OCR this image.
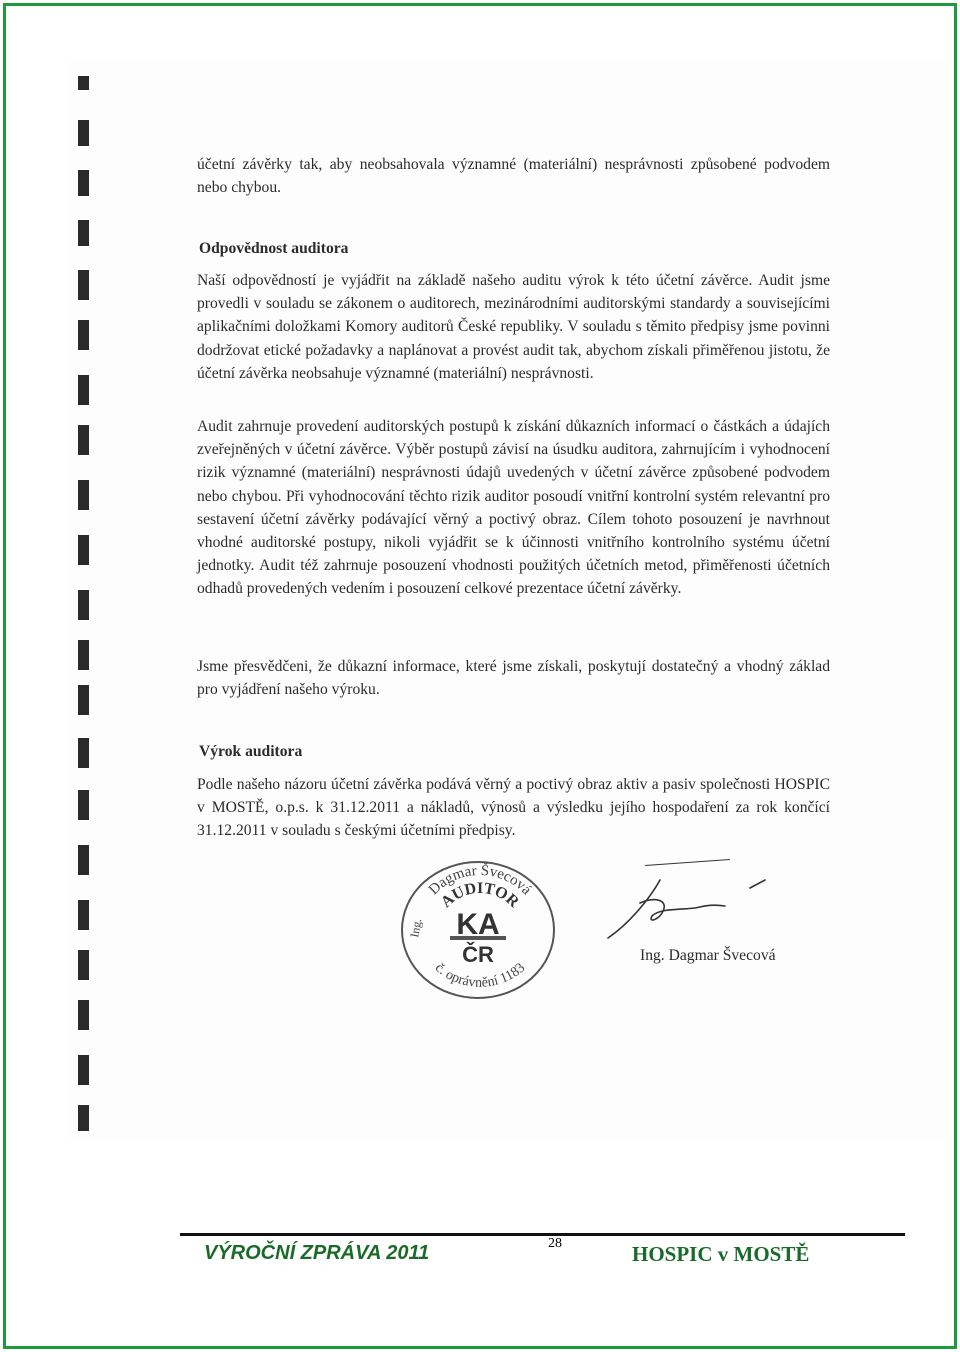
účetní závěrky tak, aby neobsahovala významné (materiální) nesprávnosti způsobené podvodem nebo chybou.

Odpovědnost auditora

Naší odpovědností je vyjádřit na základě našeho auditu výrok k této účetní závěrce. Audit jsme provedli v souladu se zákonem o auditorech, mezinárodními auditorskými standardy a souvisejícími aplikačními doložkami Komory auditorů České republiky. V souladu s těmito předpisy jsme povinni dodržovat etické požadavky a naplánovat a provést audit tak, abychom získali přiměřenou jistotu, že účetní závěrka neobsahuje významné (materiální) nesprávnosti.

Audit zahrnuje provedení auditorských postupů k získání důkazních informací o částkách a údajích zveřejněných v účetní závěrce. Výběr postupů závisí na úsudku auditora, zahrnujícím i vyhodnocení rizik významné (materiální) nesprávnosti údajů uvedených v účetní závěrce způsobené podvodem nebo chybou. Při vyhodnocování těchto rizik auditor posoudí vnitřní kontrolní systém relevantní pro sestavení účetní závěrky podávající věrný a poctivý obraz. Cílem tohoto posouzení je navrhnout vhodné auditorské postupy, nikoli vyjádřit se k účinnosti vnitřního kontrolního systému účetní jednotky. Audit též zahrnuje posouzení vhodnosti použitých účetních metod, přiměřenosti účetních odhadů provedených vedením i posouzení celkové prezentace účetní závěrky.

Jsme přesvědčeni, že důkazní informace, které jsme získali, poskytují dostatečný a vhodný základ pro vyjádření našeho výroku.

Výrok auditora

Podle našeho názoru účetní závěrka podává věrný a poctivý obraz aktiv a pasiv společnosti HOSPIC v MOSTĚ, o.p.s. k 31.12.2011 a nákladů, výnosů a výsledku jejího hospodaření za rok končící 31.12.2011 v souladu s českými účetními předpisy.

Dagmar Švecová
AUDITOR
Ing. KA
ČR
č. oprávnění 1183
Ing. Dagmar Švecová
VÝROČNÍ ZPRÁVA 2011	28	HOSPIC v MOSTĚ
